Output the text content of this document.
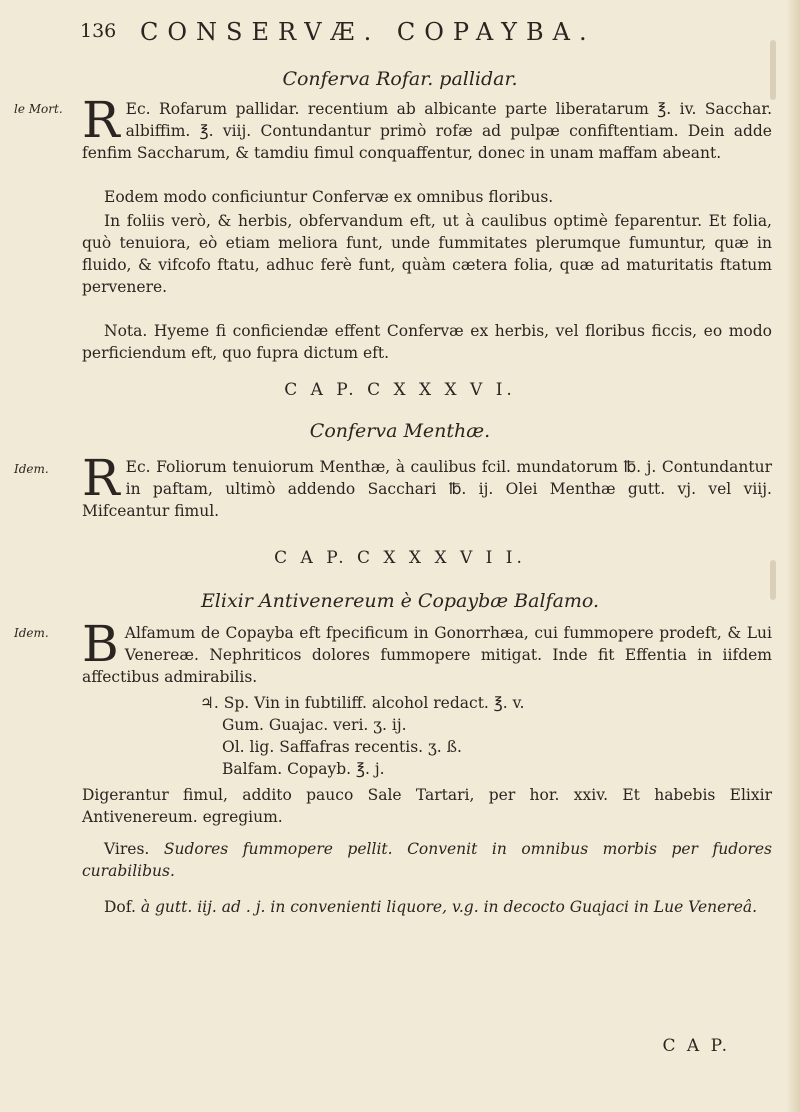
136 CONSERVÆ. COPAYBA.
Conferva Rofar. pallidar.
le Mort. R Ec. Rofarum pallidar. recentium ab albicante parte liberatarum ℥. iv. Sacchar. albiffim. ℥. viij. Contundantur primò rofæ ad pulpæ confiftentiam. Dein adde fenfim Saccharum, & tamdiu fimul conquaffentur, donec in unam maffam abeant.
Eodem modo conficiuntur Confervæ ex omnibus floribus.
In foliis verò, & herbis, obfervandum eft, ut à caulibus optimè feparentur. Et folia, quò tenuiora, eò etiam meliora funt, unde fummitates plerumque fumuntur, quæ in fluido, & vifcofo ftatu, adhuc ferè funt, quàm cætera folia, quæ ad maturitatis ftatum pervenere.
Nota. Hyeme fi conficiendæ effent Confervæ ex herbis, vel floribus ficcis, eo modo perficiendum eft, quo fupra dictum eft.
C A P. C X X X V I.
Conferva Menthæ.
Idem. R Ec. Foliorum tenuiorum Menthæ, à caulibus fcil. mundatorum ℔. j. Contundantur in paftam, ultimò addendo Sacchari ℔. ij. Olei Menthæ gutt. vj. vel viij. Mifceantur fimul.
C A P. C X X X V I I.
Elixir Antivenereum è Copaybæ Balfamo.
Idem. B Alfamum de Copayba eft fpecificum in Gonorrhæa, cui fummopere prodeft, & Lui Venereæ. Nephriticos dolores fummopere mitigat. Inde fit Effentia in iifdem affectibus admirabilis.
♃. Sp. Vin in fubtiliff. alcohol redact. ℥. v.
Gum. Guajac. veri. ʒ. ij.
Ol. lig. Saffafras recentis. ʒ. ß.
Balfam. Copayb. ℥. j.
Digerantur fimul, addito pauco Sale Tartari, per hor. xxiv. Et habebis Elixir Antivenereum. egregium.
Vires. Sudores fummopere pellit. Convenit in omnibus morbis per fudores curabilibus.
Dof. à gutt. iij. ad . j. in convenienti liquore, v.g. in decocto Guajaci in Lue Venereâ.
C A P.
